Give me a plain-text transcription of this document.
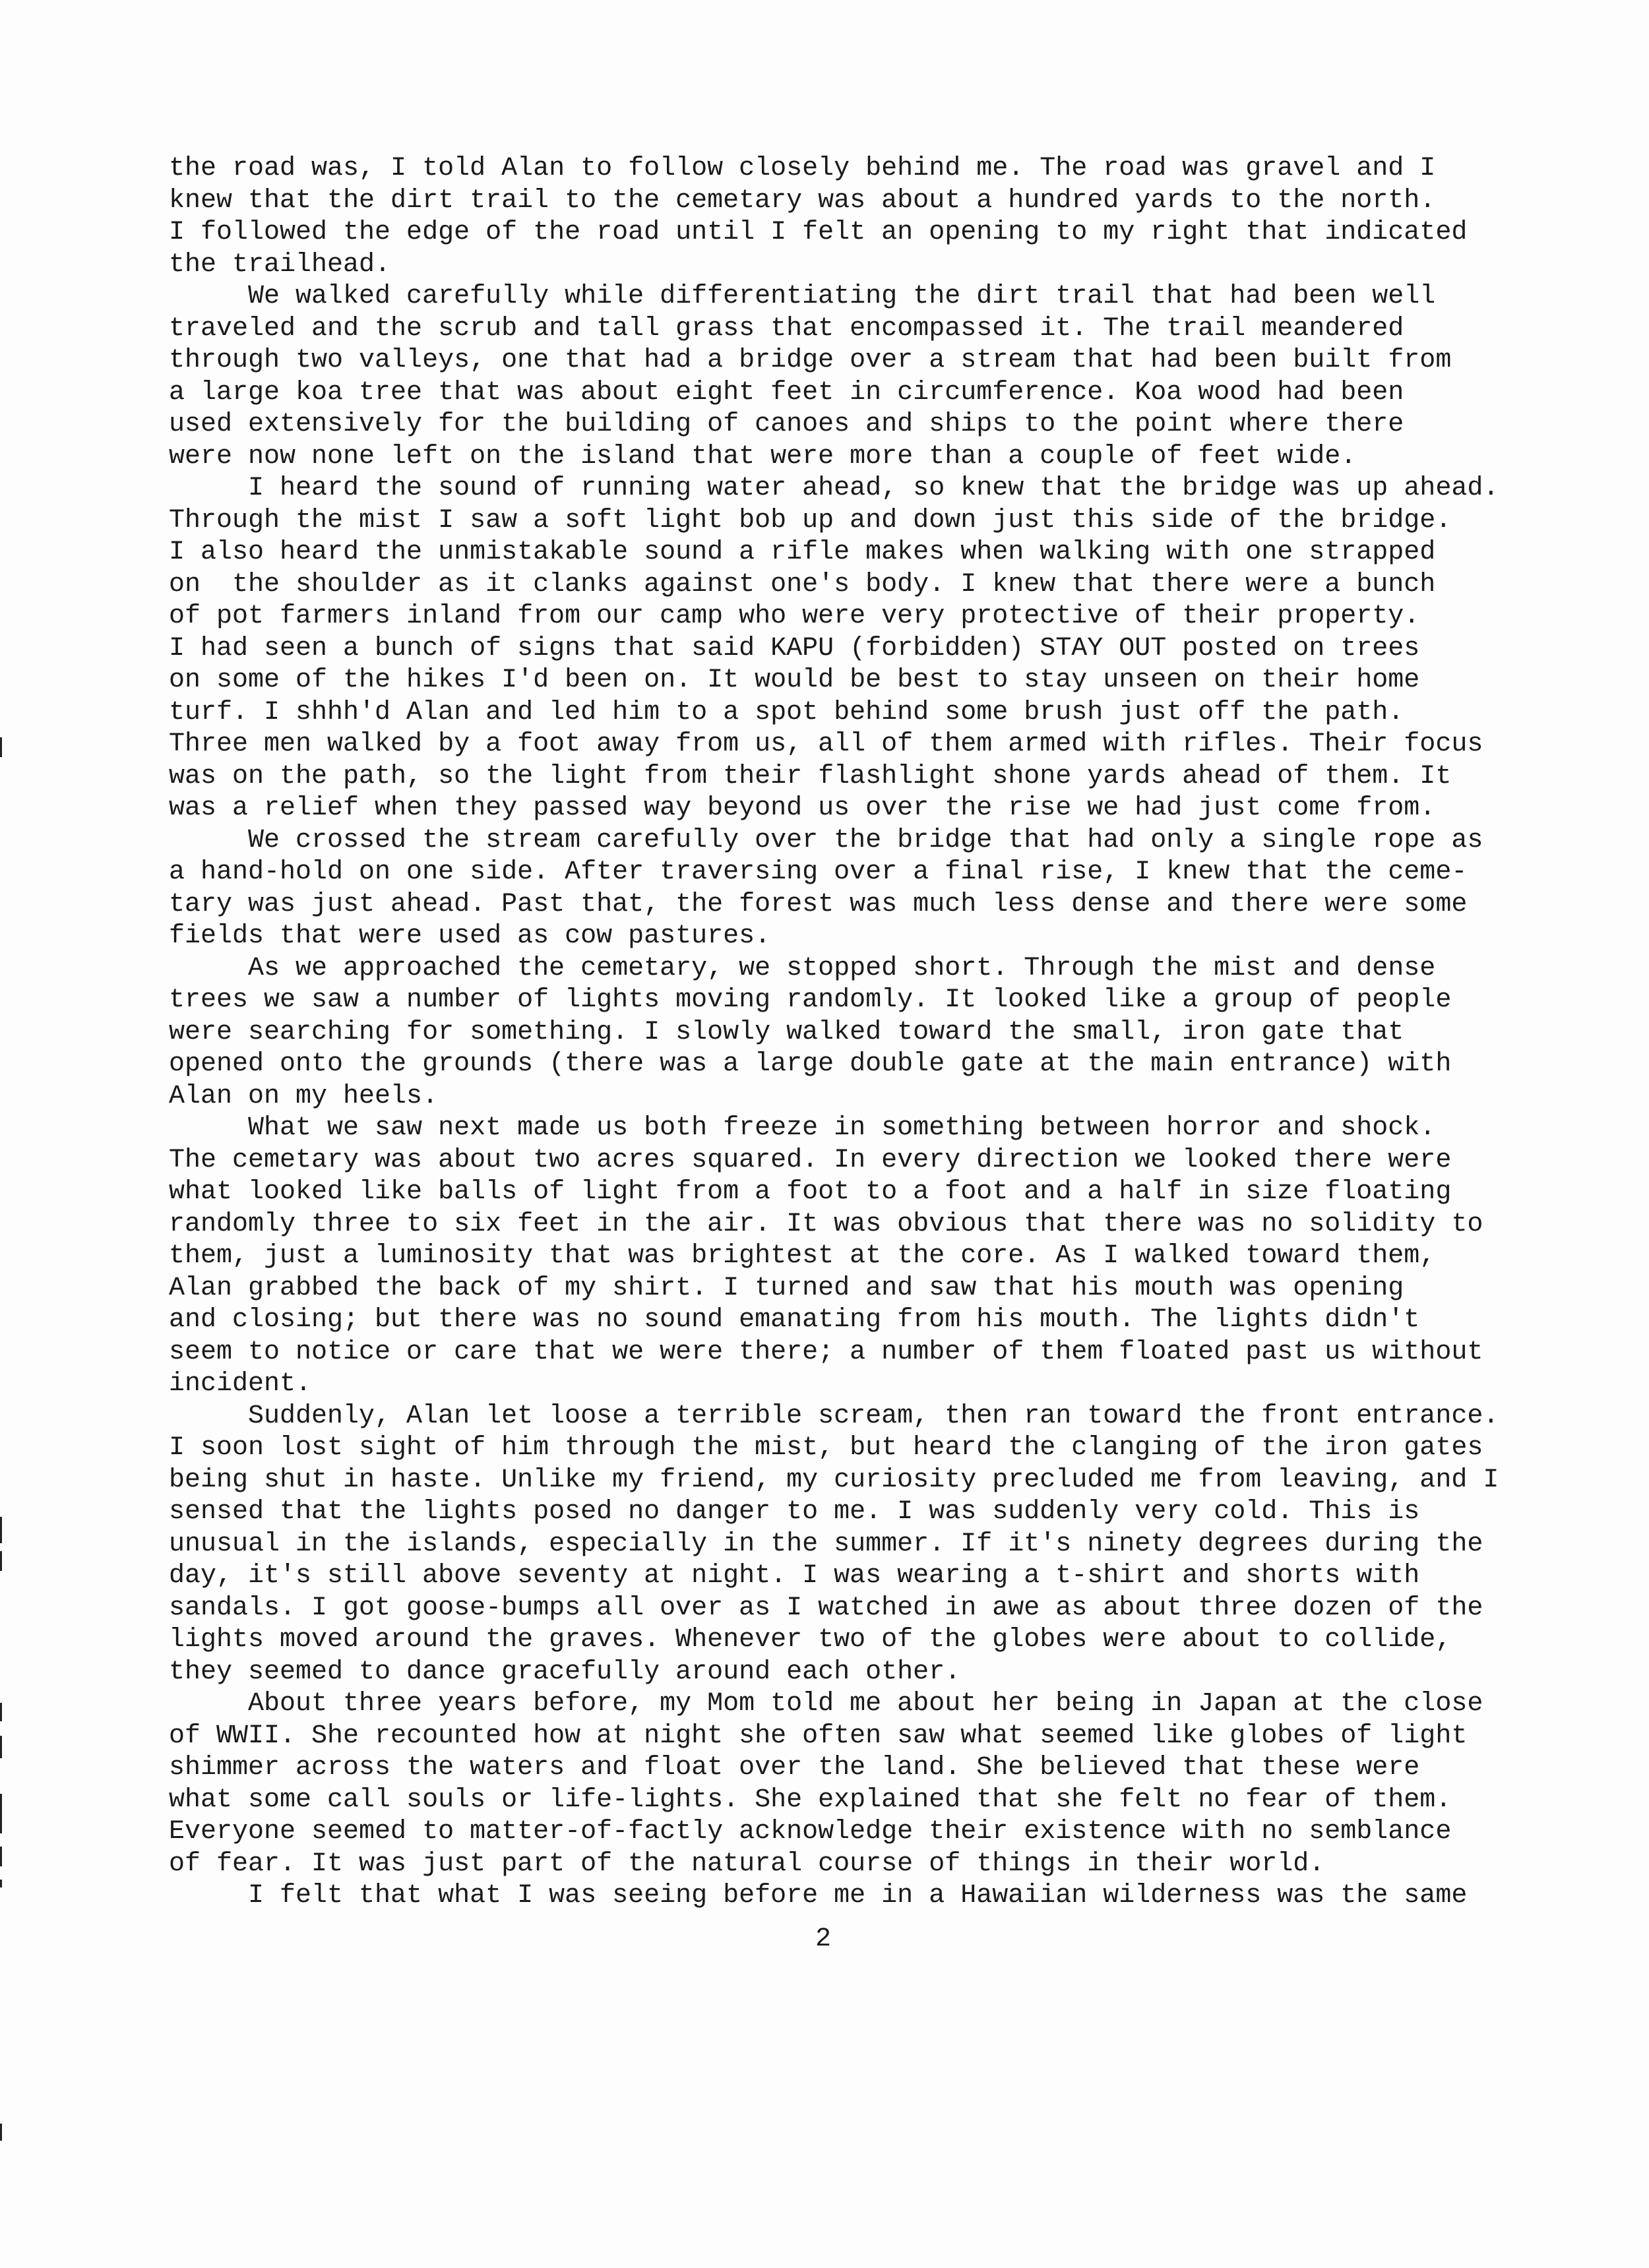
the road was, I told Alan to follow closely behind me. The road was gravel and I
knew that the dirt trail to the cemetary was about a hundred yards to the north.
I followed the edge of the road until I felt an opening to my right that indicated
the trailhead.
We walked carefully while differentiating the dirt trail that had been well
traveled and the scrub and tall grass that encompassed it. The trail meandered
through two valleys, one that had a bridge over a stream that had been built from
a large koa tree that was about eight feet in circumference. Koa wood had been
used extensively for the building of canoes and ships to the point where there
were now none left on the island that were more than a couple of feet wide.
I heard the sound of running water ahead, so knew that the bridge was up ahead.
Through the mist I saw a soft light bob up and down just this side of the bridge.
I also heard the unmistakable sound a rifle makes when walking with one strapped
on  the shoulder as it clanks against one's body. I knew that there were a bunch
of pot farmers inland from our camp who were very protective of their property.
I had seen a bunch of signs that said KAPU (forbidden) STAY OUT posted on trees
on some of the hikes I'd been on. It would be best to stay unseen on their home
turf. I shhh'd Alan and led him to a spot behind some brush just off the path.
Three men walked by a foot away from us, all of them armed with rifles. Their focus
was on the path, so the light from their flashlight shone yards ahead of them. It
was a relief when they passed way beyond us over the rise we had just come from.
We crossed the stream carefully over the bridge that had only a single rope as
a hand-hold on one side. After traversing over a final rise, I knew that the ceme-
tary was just ahead. Past that, the forest was much less dense and there were some
fields that were used as cow pastures.
As we approached the cemetary, we stopped short. Through the mist and dense
trees we saw a number of lights moving randomly. It looked like a group of people
were searching for something. I slowly walked toward the small, iron gate that
opened onto the grounds (there was a large double gate at the main entrance) with
Alan on my heels.
What we saw next made us both freeze in something between horror and shock.
The cemetary was about two acres squared. In every direction we looked there were
what looked like balls of light from a foot to a foot and a half in size floating
randomly three to six feet in the air. It was obvious that there was no solidity to
them, just a luminosity that was brightest at the core. As I walked toward them,
Alan grabbed the back of my shirt. I turned and saw that his mouth was opening
and closing; but there was no sound emanating from his mouth. The lights didn't
seem to notice or care that we were there; a number of them floated past us without
incident.
Suddenly, Alan let loose a terrible scream, then ran toward the front entrance.
I soon lost sight of him through the mist, but heard the clanging of the iron gates
being shut in haste. Unlike my friend, my curiosity precluded me from leaving, and I
sensed that the lights posed no danger to me. I was suddenly very cold. This is
unusual in the islands, especially in the summer. If it's ninety degrees during the
day, it's still above seventy at night. I was wearing a t-shirt and shorts with
sandals. I got goose-bumps all over as I watched in awe as about three dozen of the
lights moved around the graves. Whenever two of the globes were about to collide,
they seemed to dance gracefully around each other.
About three years before, my Mom told me about her being in Japan at the close
of WWII. She recounted how at night she often saw what seemed like globes of light
shimmer across the waters and float over the land. She believed that these were
what some call souls or life-lights. She explained that she felt no fear of them.
Everyone seemed to matter-of-factly acknowledge their existence with no semblance
of fear. It was just part of the natural course of things in their world.
I felt that what I was seeing before me in a Hawaiian wilderness was the same
2
